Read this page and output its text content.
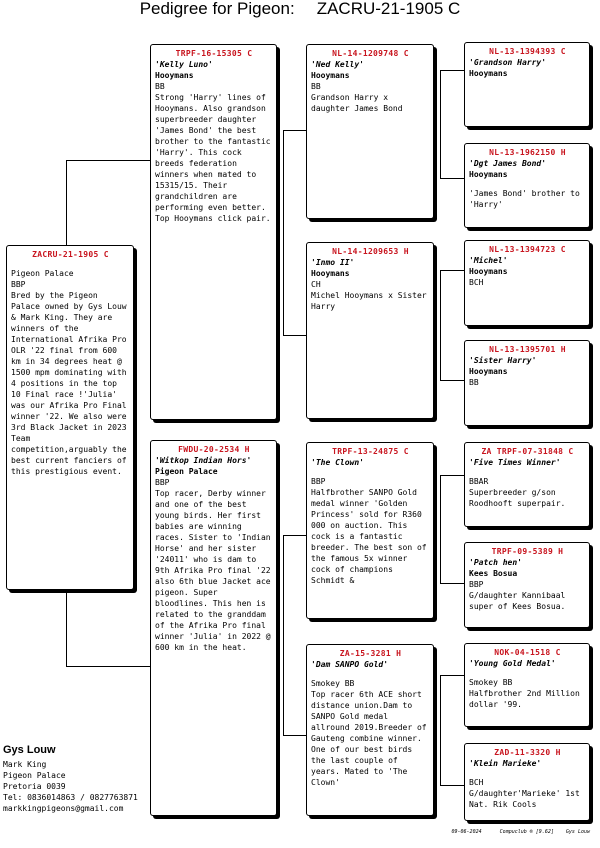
Pedigree for Pigeon: ZACRU-21-1905 C
ZACRU-21-1905 C
Pigeon Palace
BBP
Bred by the Pigeon Palace owned by Gys Louw & Mark King. They are winners of the International Afrika Pro OLR '22 final from 600 km in 34 degrees heat @ 1500 mpm dominating with 4 positions in the top 10 Final race !'Julia' was our Afrika Pro Final winner '22. We also were 3rd Black Jacket in 2023 Team competition,arguably the best current fanciers of this prestigious event.
TRPF-16-15305 C
'Kelly Luno'
Hooymans
BB
Strong 'Harry' lines of Hooymans. Also grandson superbreeder daughter 'James Bond' the best brother to the fantastic 'Harry'. This cock breeds federation winners when mated to 15315/15. Their grandchildren are performing even better. Top Hooymans click pair.
FWDU-20-2534 H
'Witkop Indian Hors'
Pigeon Palace
BBP
Top racer, Derby winner and one of the best young birds. Her first babies are winning races. Sister to 'Indian Horse' and her sister '24011' who is dam to 9th Afrika Pro final '22 also 6th blue Jacket ace pigeon. Super bloodlines. This hen is related to the granddam of the Afrika Pro final winner 'Julia' in 2022 @ 600 km in the heat.
NL-14-1209748 C
'Ned Kelly'
Hooymans
BB
Grandson Harry x daughter James Bond
NL-14-1209653 H
'Inmo II'
Hooymans
CH
Michel Hooymans x Sister Harry
TRPF-13-24875 C
'The Clown'
BBP
Halfbrother SANPO Gold medal winner 'Golden Princess' sold for R360 000 on auction. This cock is a fantastic breeder. The best son of the famous 5x winner cock of champions Schmidt &
ZA-15-3281 H
'Dam SANPO Gold'
Smokey BB
Top racer 6th ACE short distance union.Dam to SANPO Gold medal allround 2019.Breeder of Gauteng combine winner. One of our best birds the last couple of years. Mated to 'The Clown'
NL-13-1394393 C
'Grandson Harry'
Hooymans
NL-13-1962150 H
'Dgt James Bond'
Hooymans
'James Bond' brother to 'Harry'
NL-13-1394723 C
'Michel'
Hooymans
BCH
NL-13-1395701 H
'Sister Harry'
Hooymans
BB
ZA TRPF-07-31848 C
'Five Times Winner'
BBAR
Superbreeder g/son Roodhooft superpair.
TRPF-09-5389 H
'Patch hen'
Kees Bosua
BBP
G/daughter Kannibaal super of Kees Bosua.
NOK-04-1518 C
'Young Gold Medal'
Smokey BB
Halfbrother 2nd Million dollar '99.
ZAD-11-3320 H
'Klein Marieke'
BCH
G/daughter'Marieke' 1st Nat. Rik Cools
Gys Louw
Mark King
Pigeon Palace
Pretoria 0039
Tel: 0836014863 / 0827763871
markkingpigeons@gmail.com
09-06-2024	Compuclub ® [9.62] Gys Louw
